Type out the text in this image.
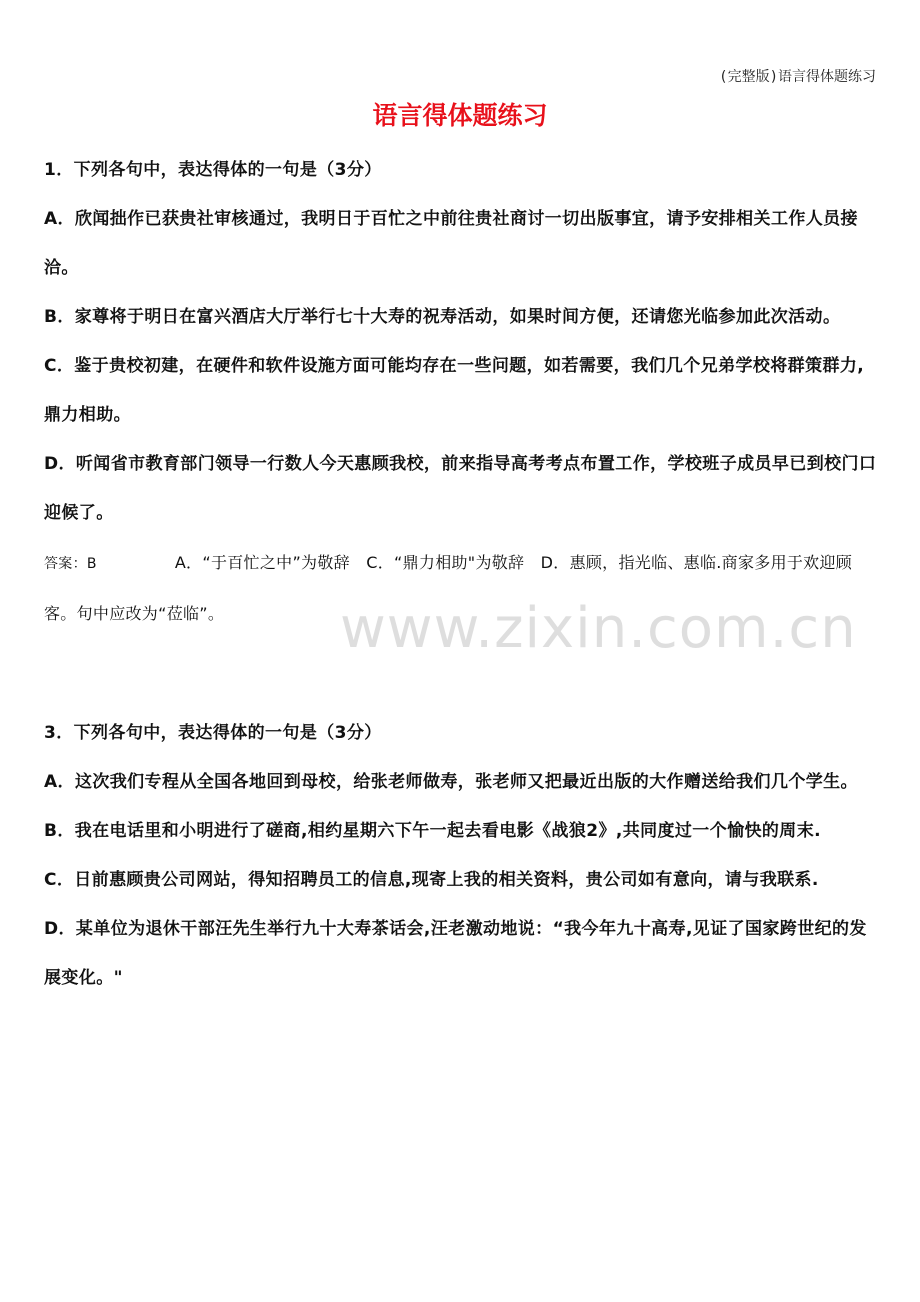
(完整版)语言得体题练习
语言得体题练习
www.zixin.com.cn

1．下列各句中，表达得体的一句是（3分）

A．欣闻拙作已获贵社审核通过，我明日于百忙之中前往贵社商讨一切出版事宜，请予安排相关工作人员接洽。

B．家尊将于明日在富兴酒店大厅举行七十大寿的祝寿活动，如果时间方便，还请您光临参加此次活动。

C．鉴于贵校初建，在硬件和软件设施方面可能均存在一些问题，如若需要，我们几个兄弟学校将群策群力,鼎力相助。

D．听闻省市教育部门领导一行数人今天惠顾我校，前来指导高考考点布置工作，学校班子成员早已到校门口迎候了。

答案：B	A．“于百忙之中”为敬辞　C．“鼎力相助"为敬辞　D．惠顾，指光临、惠临.商家多用于欢迎顾客。句中应改为“莅临”。

3．下列各句中，表达得体的一句是（3分）

A．这次我们专程从全国各地回到母校，给张老师做寿，张老师又把最近出版的大作赠送给我们几个学生。

B．我在电话里和小明进行了磋商,相约星期六下午一起去看电影《战狼2》,共同度过一个愉快的周末.

C．日前惠顾贵公司网站，得知招聘员工的信息,现寄上我的相关资料，贵公司如有意向，请与我联系.

D．某单位为退休干部汪先生举行九十大寿茶话会,汪老激动地说：“我今年九十高寿,见证了国家跨世纪的发展变化。"
